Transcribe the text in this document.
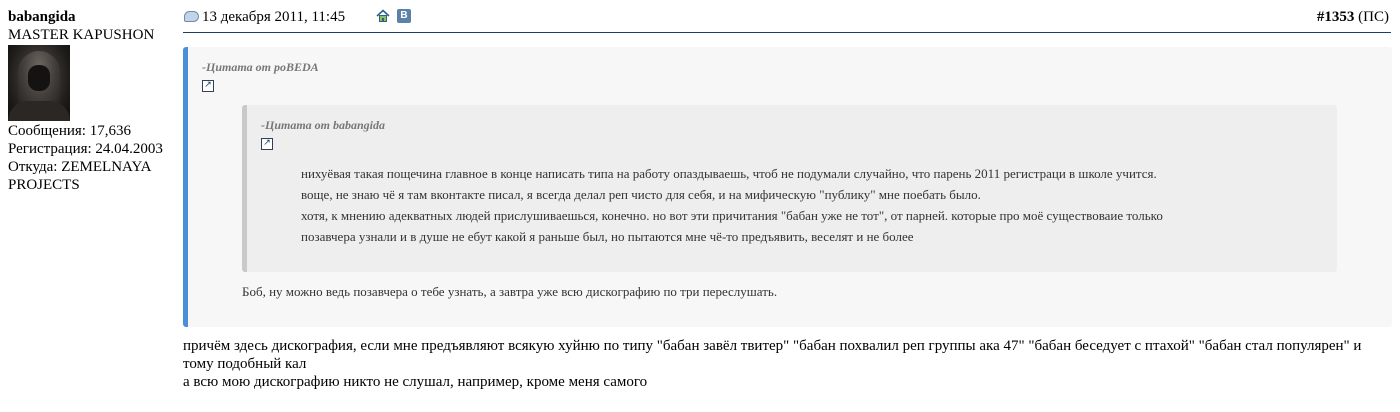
babangida
MASTER KAPUSHON
Сообщения: 17,636
Регистрация: 24.04.2003
Откуда: ZEMELNAYA
PROJECTS
13 декабря 2011, 11:45	В	#1353 (ПС)
-Цитата от poBEDA
↗
-Цитата от babangida
↗
нихуёвая такая пощечина главное в конце написать типа на работу опаздываешь, чтоб не подумали случайно, что парень 2011 регистраци в школе учится.
воще, не знаю чё я там вконтакте писал, я всегда делал реп чисто для себя, и на мифическую "публику" мне поебать было.
хотя, к мнению адекватных людей прислушиваешься, конечно. но вот эти причитания "бабан уже не тот", от парней. которые про моё существоваие только
позавчера узнали и в душе не ебут какой я раньше был, но пытаются мне чё-то предъявить, веселят и не более
Боб, ну можно ведь позавчера о тебе узнать, а завтра уже всю дискографию по три переслушать.
причём здесь дискография, если мне предъявляют всякую хуйню по типу "бабан завёл твитер" "бабан похвалил реп группы ака 47" "бабан беседует с птахой" "бабан стал популярен" и тому подобный кал
а всю мою дискографию никто не слушал, например, кроме меня самого
